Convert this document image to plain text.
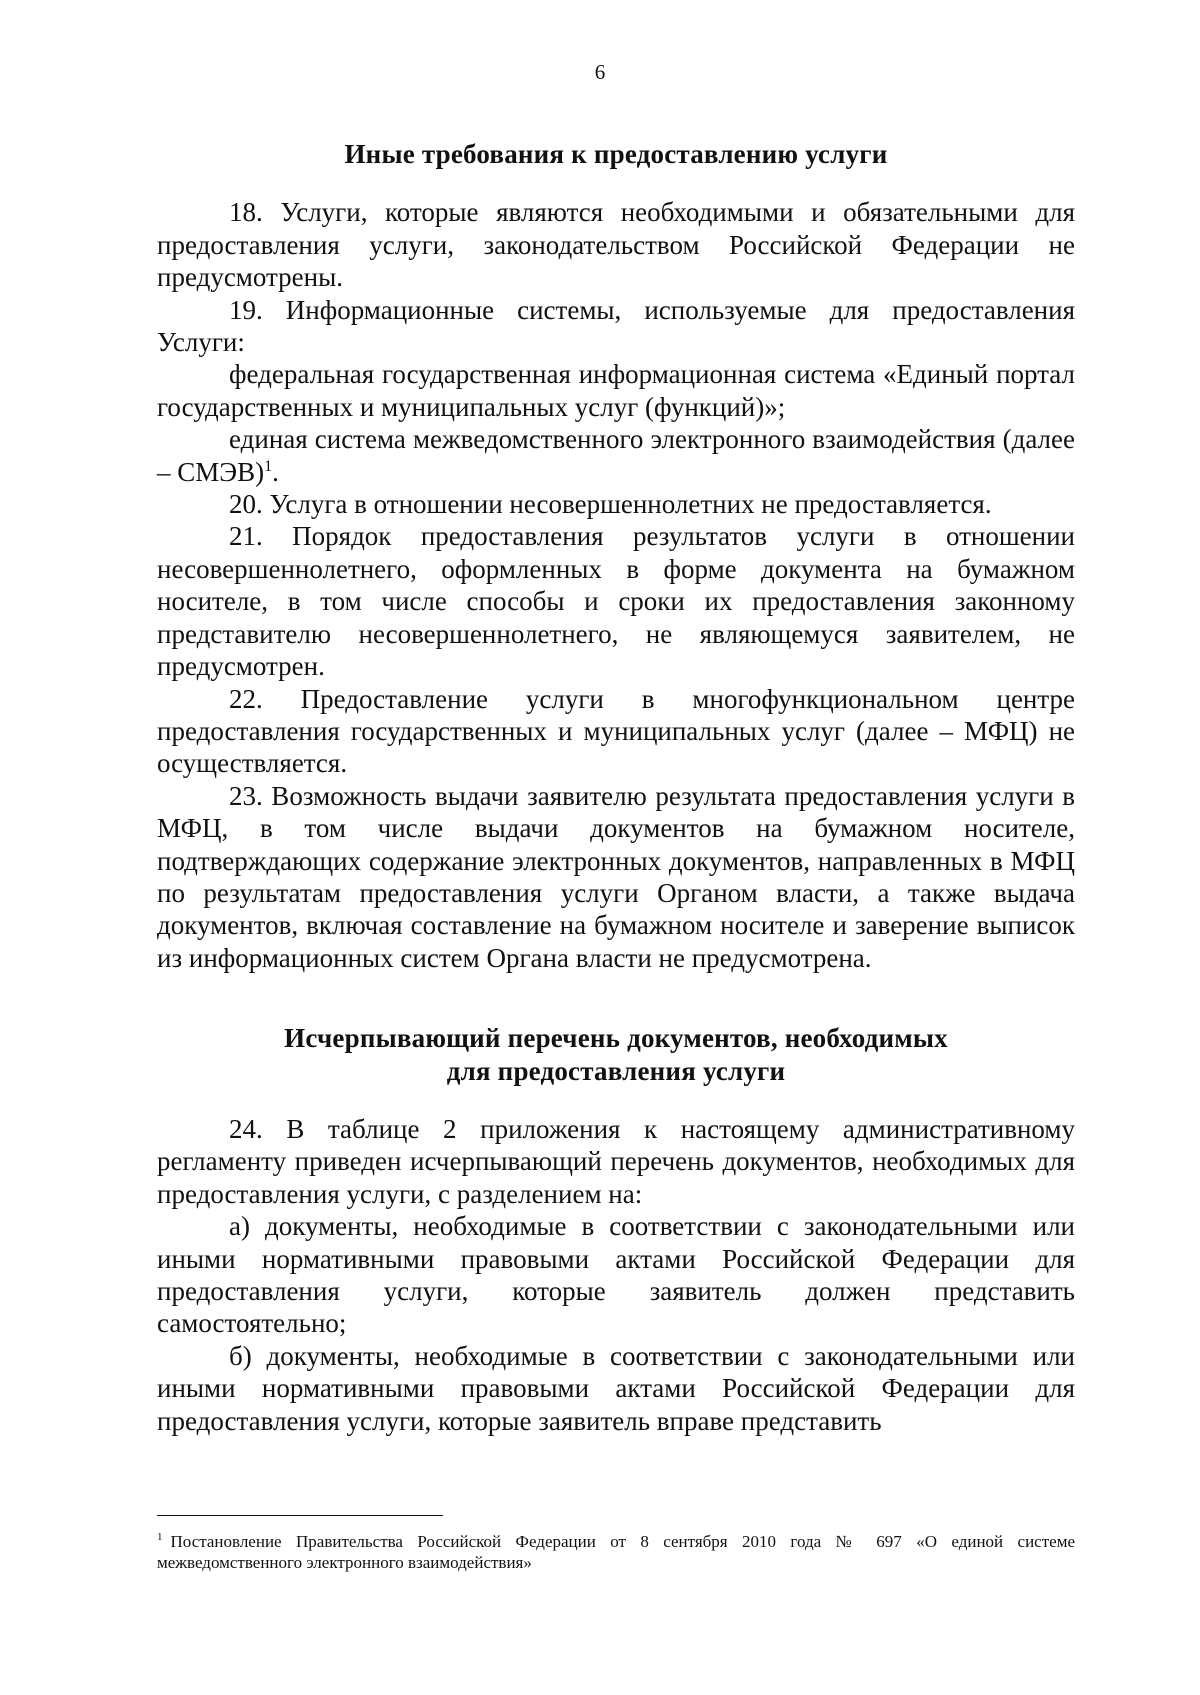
6
Иные требования к предоставлению услуги

18. Услуги, которые являются необходимыми и обязательными для предоставления услуги, законодательством Российской Федерации не предусмотрены.

19. Информационные системы, используемые для предоставления Услуги:

федеральная государственная информационная система «Единый портал государственных и муниципальных услуг (функций)»;

единая система межведомственного электронного взаимодействия (далее – СМЭВ)$^1$.

20. Услуга в отношении несовершеннолетних не предоставляется.

21. Порядок предоставления результатов услуги в отношении несовершеннолетнего, оформленных в форме документа на бумажном носителе, в том числе способы и сроки их предоставления законному представителю несовершеннолетнего, не являющемуся заявителем, не предусмотрен.

22. Предоставление услуги в многофункциональном центре предоставления государственных и муниципальных услуг (далее – МФЦ) не осуществляется.

23. Возможность выдачи заявителю результата предоставления услуги в МФЦ, в том числе выдачи документов на бумажном носителе, подтверждающих содержание электронных документов, направленных в МФЦ по результатам предоставления услуги Органом власти, а также выдача документов, включая составление на бумажном носителе и заверение выписок из информационных систем Органа власти не предусмотрена.

Исчерпывающий перечень документов, необходимых
для предоставления услуги

24. В таблице 2 приложения к настоящему административному регламенту приведен исчерпывающий перечень документов, необходимых для предоставления услуги, с разделением на:

а) документы, необходимые в соответствии с законодательными или иными нормативными правовыми актами Российской Федерации для предоставления услуги, которые заявитель должен представить самостоятельно;

б) документы, необходимые в соответствии с законодательными или иными нормативными правовыми актами Российской Федерации для предоставления услуги, которые заявитель вправе представить

$^1$ Постановление Правительства Российской Федерации от 8 сентября 2010 года № 697 «О единой системе межведомственного электронного взаимодействия»
